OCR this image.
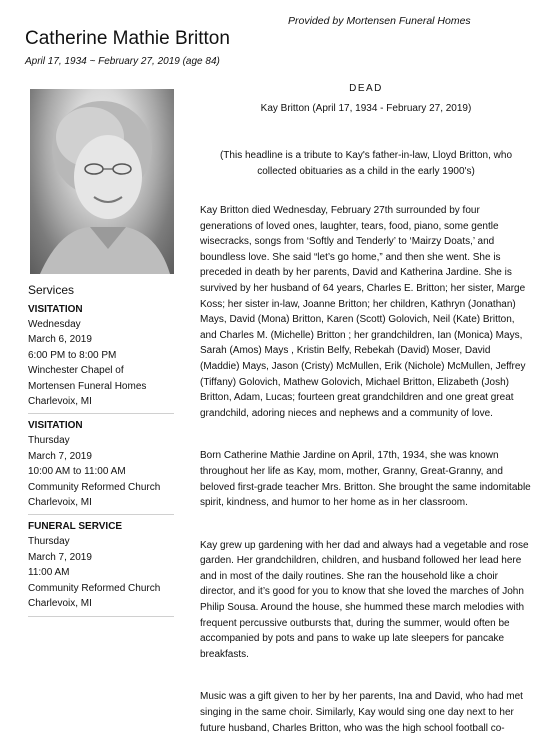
Provided by Mortensen Funeral Homes
Catherine Mathie Britton
April 17, 1934 ~ February 27, 2019 (age 84)
Services
VISITATION
Wednesday
March 6, 2019
6:00 PM to 8:00 PM
Winchester Chapel of
Mortensen Funeral Homes
Charlevoix, MI
VISITATION
Thursday
March 7, 2019
10:00 AM to 11:00 AM
Community Reformed Church
Charlevoix, MI
FUNERAL SERVICE
Thursday
March 7, 2019
11:00 AM
Community Reformed Church
Charlevoix, MI
DEAD
Kay Britton (April 17, 1934 - February 27, 2019)
(This headline is a tribute to Kay's father-in-law, Lloyd Britton, who collected obituaries as a child in the early 1900's)
Kay Britton died Wednesday, February 27th surrounded by four generations of loved ones, laughter, tears, food, piano, some gentle wisecracks, songs from ‘Softly and Tenderly’ to ‘Mairzy Doats,’ and boundless love. She said “let’s go home,” and then she went. She is preceded in death by her parents, David and Katherina Jardine. She is survived by her husband of 64 years, Charles E. Britton; her sister, Marge Koss; her sister in-law, Joanne Britton; her children, Kathryn (Jonathan) Mays, David (Mona) Britton, Karen (Scott) Golovich, Neil (Kate) Britton, and Charles M. (Michelle) Britton ; her grandchildren, Ian (Monica) Mays, Sarah (Amos) Mays , Kristin Belfy, Rebekah (David) Moser, David (Maddie) Mays, Jason (Cristy) McMullen, Erik (Nichole) McMullen, Jeffrey (Tiffany) Golovich, Mathew Golovich, Michael Britton, Elizabeth (Josh) Britton, Adam, Lucas; fourteen great grandchildren and one great great grandchild, adoring nieces and nephews and a community of love.
Born Catherine Mathie Jardine on April, 17th, 1934, she was known throughout her life as Kay, mom, mother, Granny, Great-Granny, and beloved first-grade teacher Mrs. Britton. She brought the same indomitable spirit, kindness, and humor to her home as in her classroom.
Kay grew up gardening with her dad and always had a vegetable and rose garden. Her grandchildren, children, and husband followed her lead here and in most of the daily routines. She ran the household like a choir director, and it’s good for you to know that she loved the marches of John Philip Sousa. Around the house, she hummed these march melodies with frequent percussive outbursts that, during the summer, would often be accompanied by pots and pans to wake up late sleepers for pancake breakfasts.
Music was a gift given to her by her parents, Ina and David, who had met singing in the same choir. Similarly, Kay would sing one day next to her future husband, Charles Britton, who was the high school football co-
